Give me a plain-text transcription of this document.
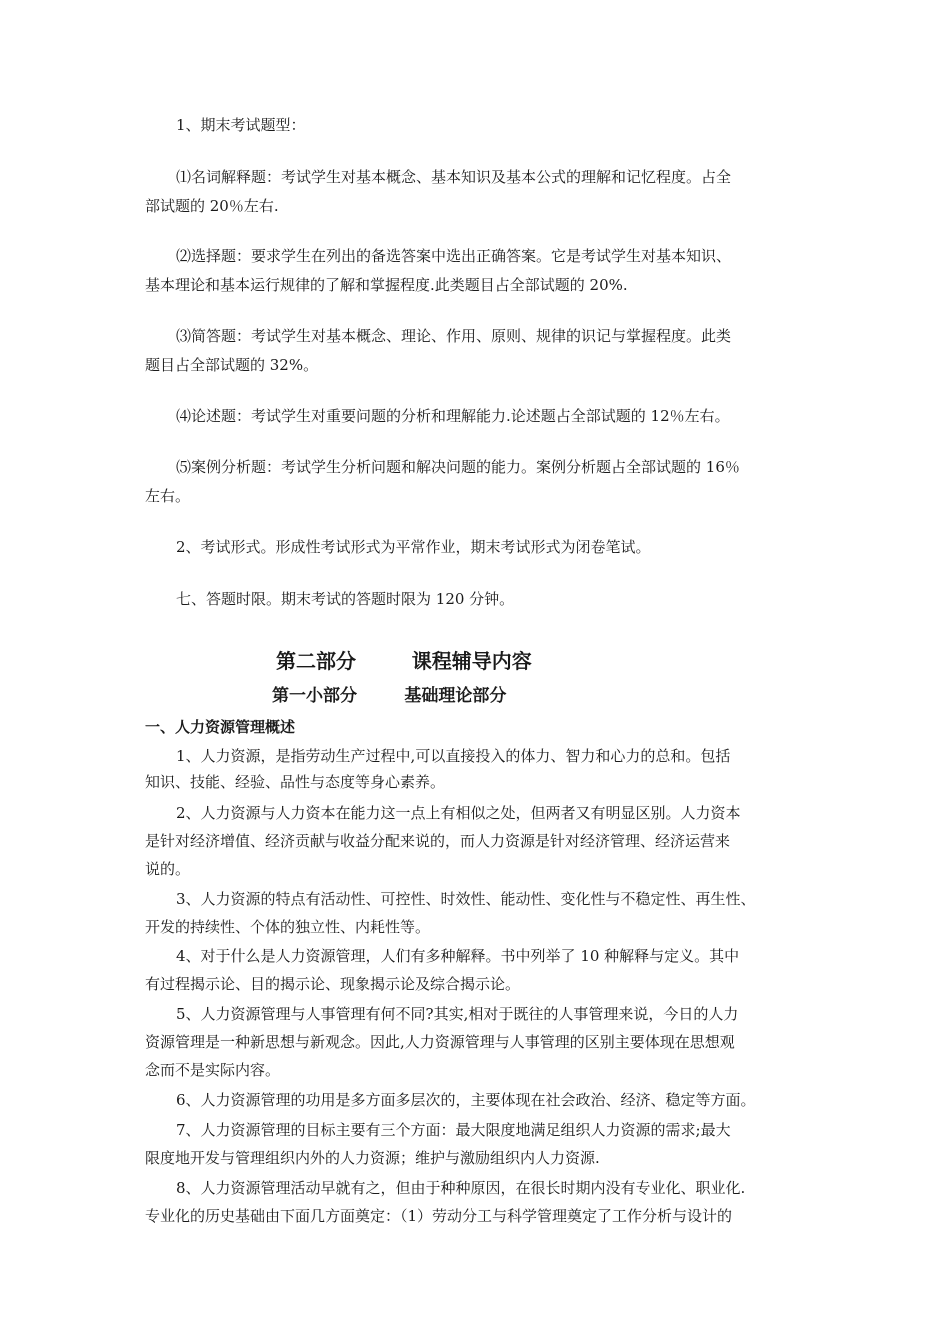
1、期末考试题型：
⑴名词解释题：考试学生对基本概念、基本知识及基本公式的理解和记忆程度。占全
部试题的 20％左右.
⑵选择题：要求学生在列出的备选答案中选出正确答案。它是考试学生对基本知识、
基本理论和基本运行规律的了解和掌握程度.此类题目占全部试题的 20%.
⑶简答题：考试学生对基本概念、理论、作用、原则、规律的识记与掌握程度。此类
题目占全部试题的 32%。
⑷论述题：考试学生对重要问题的分析和理解能力.论述题占全部试题的 12％左右。
⑸案例分析题：考试学生分析问题和解决问题的能力。案例分析题占全部试题的 16％
左右。
2、考试形式。形成性考试形式为平常作业，期末考试形式为闭卷笔试。
七、答题时限。期末考试的答题时限为 120 分钟。
第二部分        课程辅导内容
第一小部分        基础理论部分
一、人力资源管理概述
1、人力资源，是指劳动生产过程中,可以直接投入的体力、智力和心力的总和。包括
知识、技能、经验、品性与态度等身心素养。
2、人力资源与人力资本在能力这一点上有相似之处，但两者又有明显区别。人力资本
是针对经济增值、经济贡献与收益分配来说的，而人力资源是针对经济管理、经济运营来
说的。
3、人力资源的特点有活动性、可控性、时效性、能动性、变化性与不稳定性、再生性、
开发的持续性、个体的独立性、内耗性等。
4、对于什么是人力资源管理，人们有多种解释。书中列举了 10 种解释与定义。其中
有过程揭示论、目的揭示论、现象揭示论及综合揭示论。
5、人力资源管理与人事管理有何不同?其实,相对于既往的人事管理来说，今日的人力
资源管理是一种新思想与新观念。因此,人力资源管理与人事管理的区别主要体现在思想观
念而不是实际内容。
6、人力资源管理的功用是多方面多层次的，主要体现在社会政治、经济、稳定等方面。
7、人力资源管理的目标主要有三个方面：最大限度地满足组织人力资源的需求;最大
限度地开发与管理组织内外的人力资源；维护与激励组织内人力资源.
8、人力资源管理活动早就有之，但由于种种原因，在很长时期内没有专业化、职业化.
专业化的历史基础由下面几方面奠定：（1）劳动分工与科学管理奠定了工作分析与设计的
